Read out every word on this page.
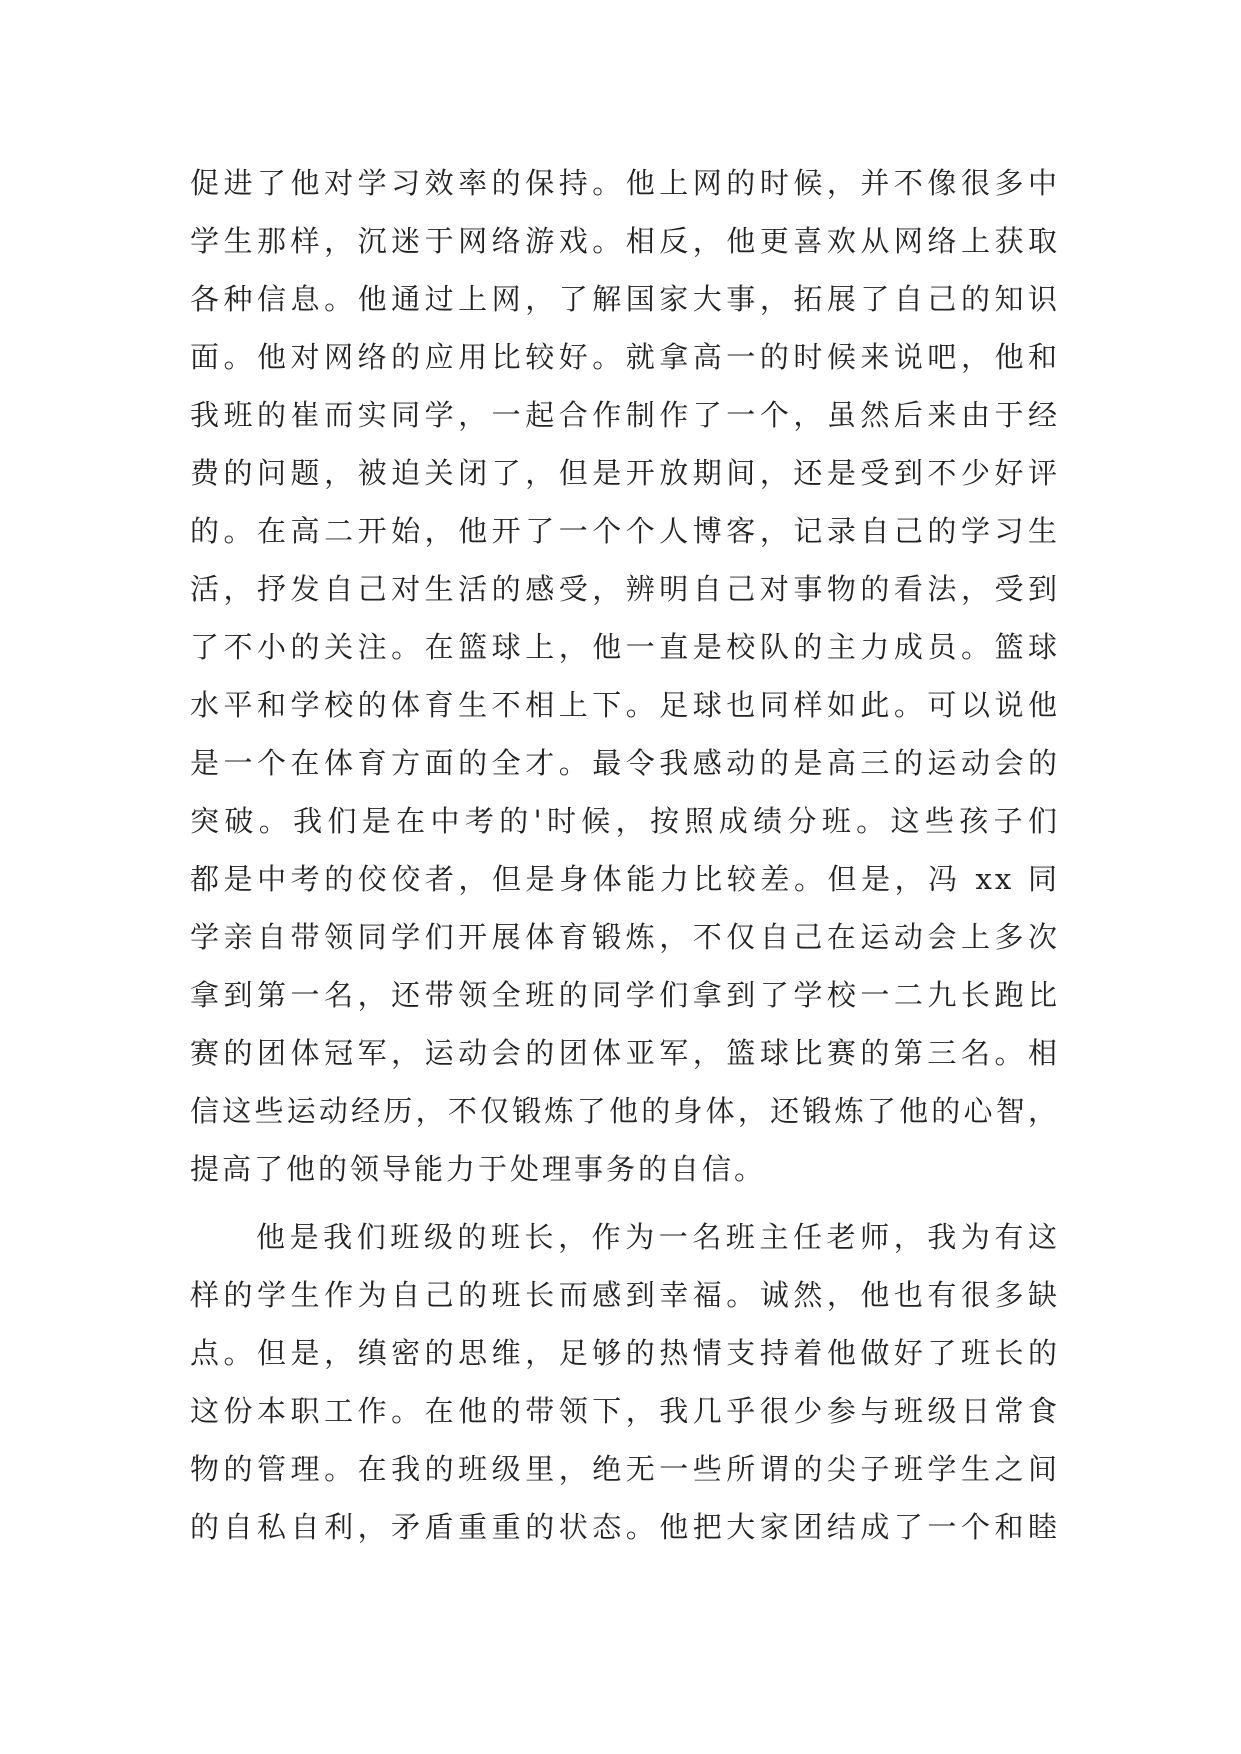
促进了他对学习效率的保持。他上网的时候，并不像很多中
学生那样，沉迷于网络游戏。相反，他更喜欢从网络上获取
各种信息。他通过上网，了解国家大事，拓展了自己的知识
面。他对网络的应用比较好。就拿高一的时候来说吧，他和
我班的崔而实同学，一起合作制作了一个，虽然后来由于经
费的问题，被迫关闭了，但是开放期间，还是受到不少好评
的。在高二开始，他开了一个个人博客，记录自己的学习生
活，抒发自己对生活的感受，辨明自己对事物的看法，受到
了不小的关注。在篮球上，他一直是校队的主力成员。篮球
水平和学校的体育生不相上下。足球也同样如此。可以说他
是一个在体育方面的全才。最令我感动的是高三的运动会的
突破。我们是在中考的'时候，按照成绩分班。这些孩子们
都是中考的佼佼者，但是身体能力比较差。但是，冯 xx 同
学亲自带领同学们开展体育锻炼，不仅自己在运动会上多次
拿到第一名，还带领全班的同学们拿到了学校一二九长跑比
赛的团体冠军，运动会的团体亚军，篮球比赛的第三名。相
信这些运动经历，不仅锻炼了他的身体，还锻炼了他的心智，
提高了他的领导能力于处理事务的自信。
他是我们班级的班长，作为一名班主任老师，我为有这
样的学生作为自己的班长而感到幸福。诚然，他也有很多缺
点。但是，缜密的思维，足够的热情支持着他做好了班长的
这份本职工作。在他的带领下，我几乎很少参与班级日常食
物的管理。在我的班级里，绝无一些所谓的尖子班学生之间
的自私自利，矛盾重重的状态。他把大家团结成了一个和睦
